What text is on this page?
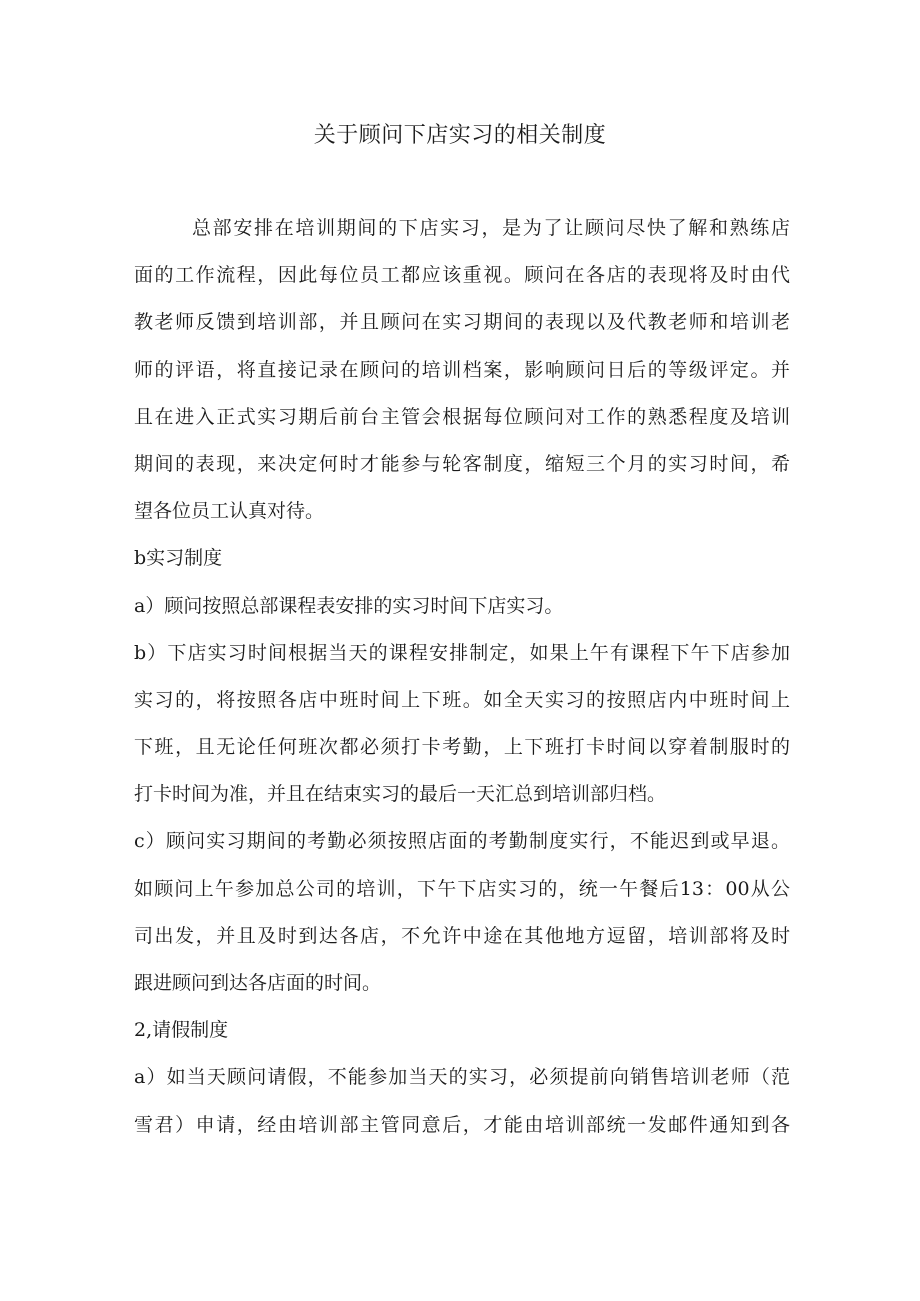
关于顾问下店实习的相关制度
总部安排在培训期间的下店实习，是为了让顾问尽快了解和熟练店
面的工作流程，因此每位员工都应该重视。顾问在各店的表现将及时由代
教老师反馈到培训部，并且顾问在实习期间的表现以及代教老师和培训老
师的评语，将直接记录在顾问的培训档案，影响顾问日后的等级评定。并
且在进入正式实习期后前台主管会根据每位顾问对工作的熟悉程度及培训
期间的表现，来决定何时才能参与轮客制度，缩短三个月的实习时间，希
望各位员工认真对待。
b实习制度
a）顾问按照总部课程表安排的实习时间下店实习。
b）下店实习时间根据当天的课程安排制定，如果上午有课程下午下店参加
实习的，将按照各店中班时间上下班。如全天实习的按照店内中班时间上
下班，且无论任何班次都必须打卡考勤，上下班打卡时间以穿着制服时的
打卡时间为准，并且在结束实习的最后一天汇总到培训部归档。
c）顾问实习期间的考勤必须按照店面的考勤制度实行，不能迟到或早退。
如顾问上午参加总公司的培训，下午下店实习的，统一午餐后13：00从公
司出发，并且及时到达各店，不允许中途在其他地方逗留，培训部将及时
跟进顾问到达各店面的时间。
2,请假制度
a）如当天顾问请假，不能参加当天的实习，必须提前向销售培训老师（范
雪君）申请，经由培训部主管同意后，才能由培训部统一发邮件通知到各
